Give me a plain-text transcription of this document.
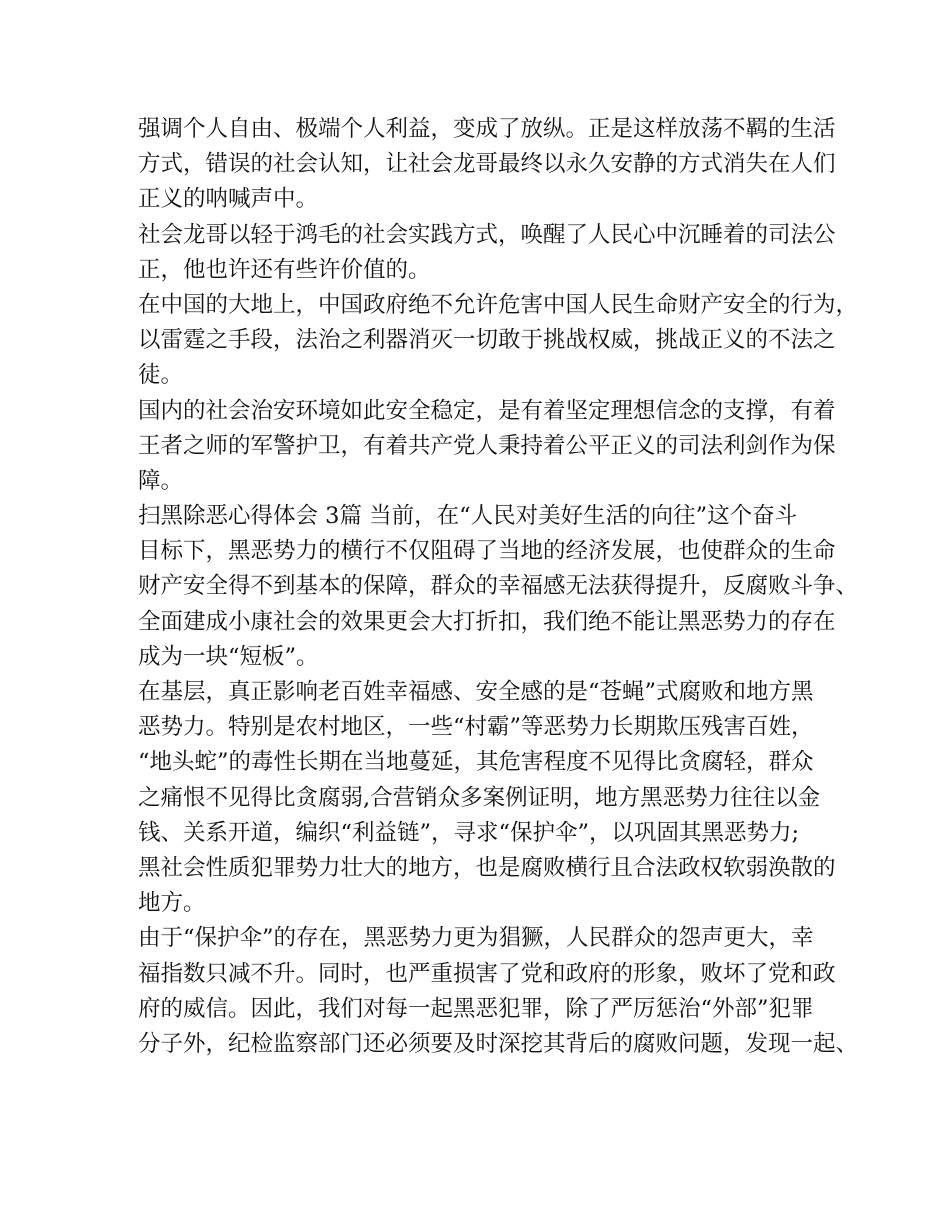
强调个人自由、极端个人利益，变成了放纵。正是这样放荡不羁的生活
方式，错误的社会认知，让社会龙哥最终以永久安静的方式消失在人们
正义的呐喊声中。
社会龙哥以轻于鸿毛的社会实践方式，唤醒了人民心中沉睡着的司法公
正，他也许还有些许价值的。
在中国的大地上，中国政府绝不允许危害中国人民生命财产安全的行为，
以雷霆之手段，法治之利器消灭一切敢于挑战权威，挑战正义的不法之
徒。
国内的社会治安环境如此安全稳定，是有着坚定理想信念的支撑，有着
王者之师的军警护卫，有着共产党人秉持着公平正义的司法利剑作为保
障。
扫黑除恶心得体会 3篇 当前，在“人民对美好生活的向往”这个奋斗
目标下，黑恶势力的横行不仅阻碍了当地的经济发展，也使群众的生命
财产安全得不到基本的保障，群众的幸福感无法获得提升，反腐败斗争、
全面建成小康社会的效果更会大打折扣，我们绝不能让黑恶势力的存在
成为一块“短板”。
在基层，真正影响老百姓幸福感、安全感的是“苍蝇”式腐败和地方黑
恶势力。特别是农村地区，一些“村霸”等恶势力长期欺压残害百姓，
“地头蛇”的毒性长期在当地蔓延，其危害程度不见得比贪腐轻，群众
之痛恨不见得比贪腐弱,合营销众多案例证明，地方黑恶势力往往以金
钱、关系开道，编织“利益链”，寻求“保护伞”，以巩固其黑恶势力;
黑社会性质犯罪势力壮大的地方，也是腐败横行且合法政权软弱涣散的
地方。
由于“保护伞”的存在，黑恶势力更为猖獗，人民群众的怨声更大，幸
福指数只减不升。同时，也严重损害了党和政府的形象，败坏了党和政
府的威信。因此，我们对每一起黑恶犯罪，除了严厉惩治“外部”犯罪
分子外，纪检监察部门还必须要及时深挖其背后的腐败问题，发现一起、
